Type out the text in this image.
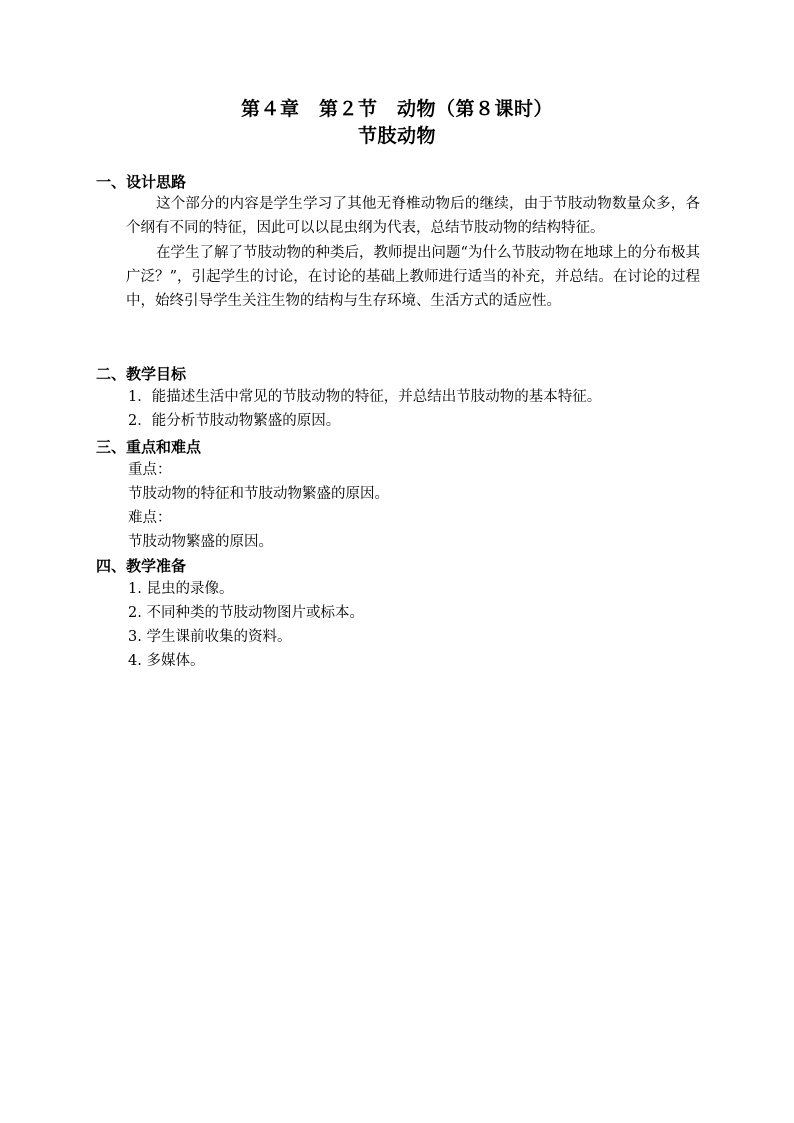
第４章　第２节　动物（第８课时）
节肢动物
一、设计思路
这个部分的内容是学生学习了其他无脊椎动物后的继续，由于节肢动物数量众多，各个纲有不同的特征，因此可以以昆虫纲为代表，总结节肢动物的结构特征。
在学生了解了节肢动物的种类后，教师提出问题“为什么节肢动物在地球上的分布极其广泛？”，引起学生的讨论，在讨论的基础上教师进行适当的补充，并总结。在讨论的过程中，始终引导学生关注生物的结构与生存环境、生活方式的适应性。
二、教学目标
1．能描述生活中常见的节肢动物的特征，并总结出节肢动物的基本特征。
2．能分析节肢动物繁盛的原因。
三、重点和难点
重点：
节肢动物的特征和节肢动物繁盛的原因。
难点：
节肢动物繁盛的原因。
四、教学准备
1. 昆虫的录像。
2. 不同种类的节肢动物图片或标本。
3. 学生课前收集的资料。
4. 多媒体。
